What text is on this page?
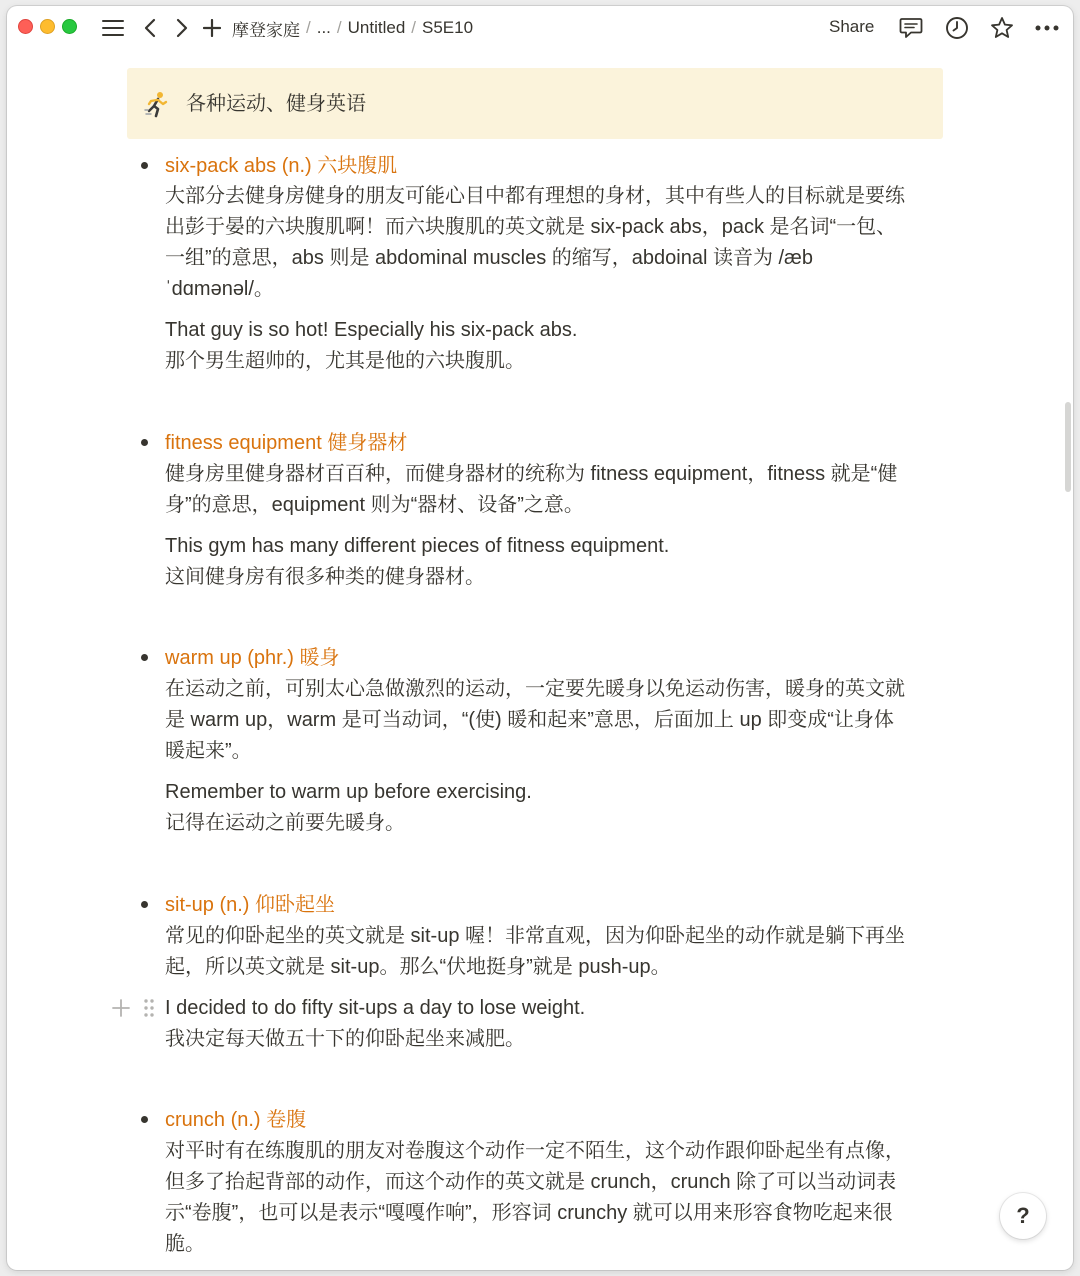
摩登家庭 / ... / Untitled / S5E10	Share
各种运动、健身英语
six-pack abs (n.) 六块腹肌
大部分去健身房健身的朋友可能心目中都有理想的身材，其中有些人的目标就是要练
出彭于晏的六块腹肌啊！而六块腹肌的英文就是 six-pack abs，pack 是名词“一包、
一组”的意思，abs 则是 abdominal muscles 的缩写，abdoinal 读音为 /æb
ˈdɑmənəl/。
That guy is so hot! Especially his six-pack abs.
那个男生超帅的，尤其是他的六块腹肌。
fitness equipment 健身器材
健身房里健身器材百百种，而健身器材的统称为 fitness equipment，fitness 就是“健
身”的意思，equipment 则为“器材、设备”之意。
This gym has many different pieces of fitness equipment.
这间健身房有很多种类的健身器材。
warm up (phr.) 暖身
在运动之前，可别太心急做激烈的运动，一定要先暖身以免运动伤害，暖身的英文就
是 warm up，warm 是可当动词，“(使) 暖和起来”意思，后面加上 up 即变成“让身体
暖起来”。
Remember to warm up before exercising.
记得在运动之前要先暖身。
sit-up (n.) 仰卧起坐
常见的仰卧起坐的英文就是 sit-up 喔！非常直观，因为仰卧起坐的动作就是躺下再坐
起，所以英文就是 sit-up。那么“伏地挺身”就是 push-up。
I decided to do fifty sit-ups a day to lose weight.
我决定每天做五十下的仰卧起坐来减肥。
crunch (n.) 卷腹
对平时有在练腹肌的朋友对卷腹这个动作一定不陌生，这个动作跟仰卧起坐有点像，
但多了抬起背部的动作，而这个动作的英文就是 crunch，crunch 除了可以当动词表
示“卷腹”，也可以是表示“嘎嘎作响”，形容词 crunchy 就可以用来形容食物吃起来很
脆。
?
